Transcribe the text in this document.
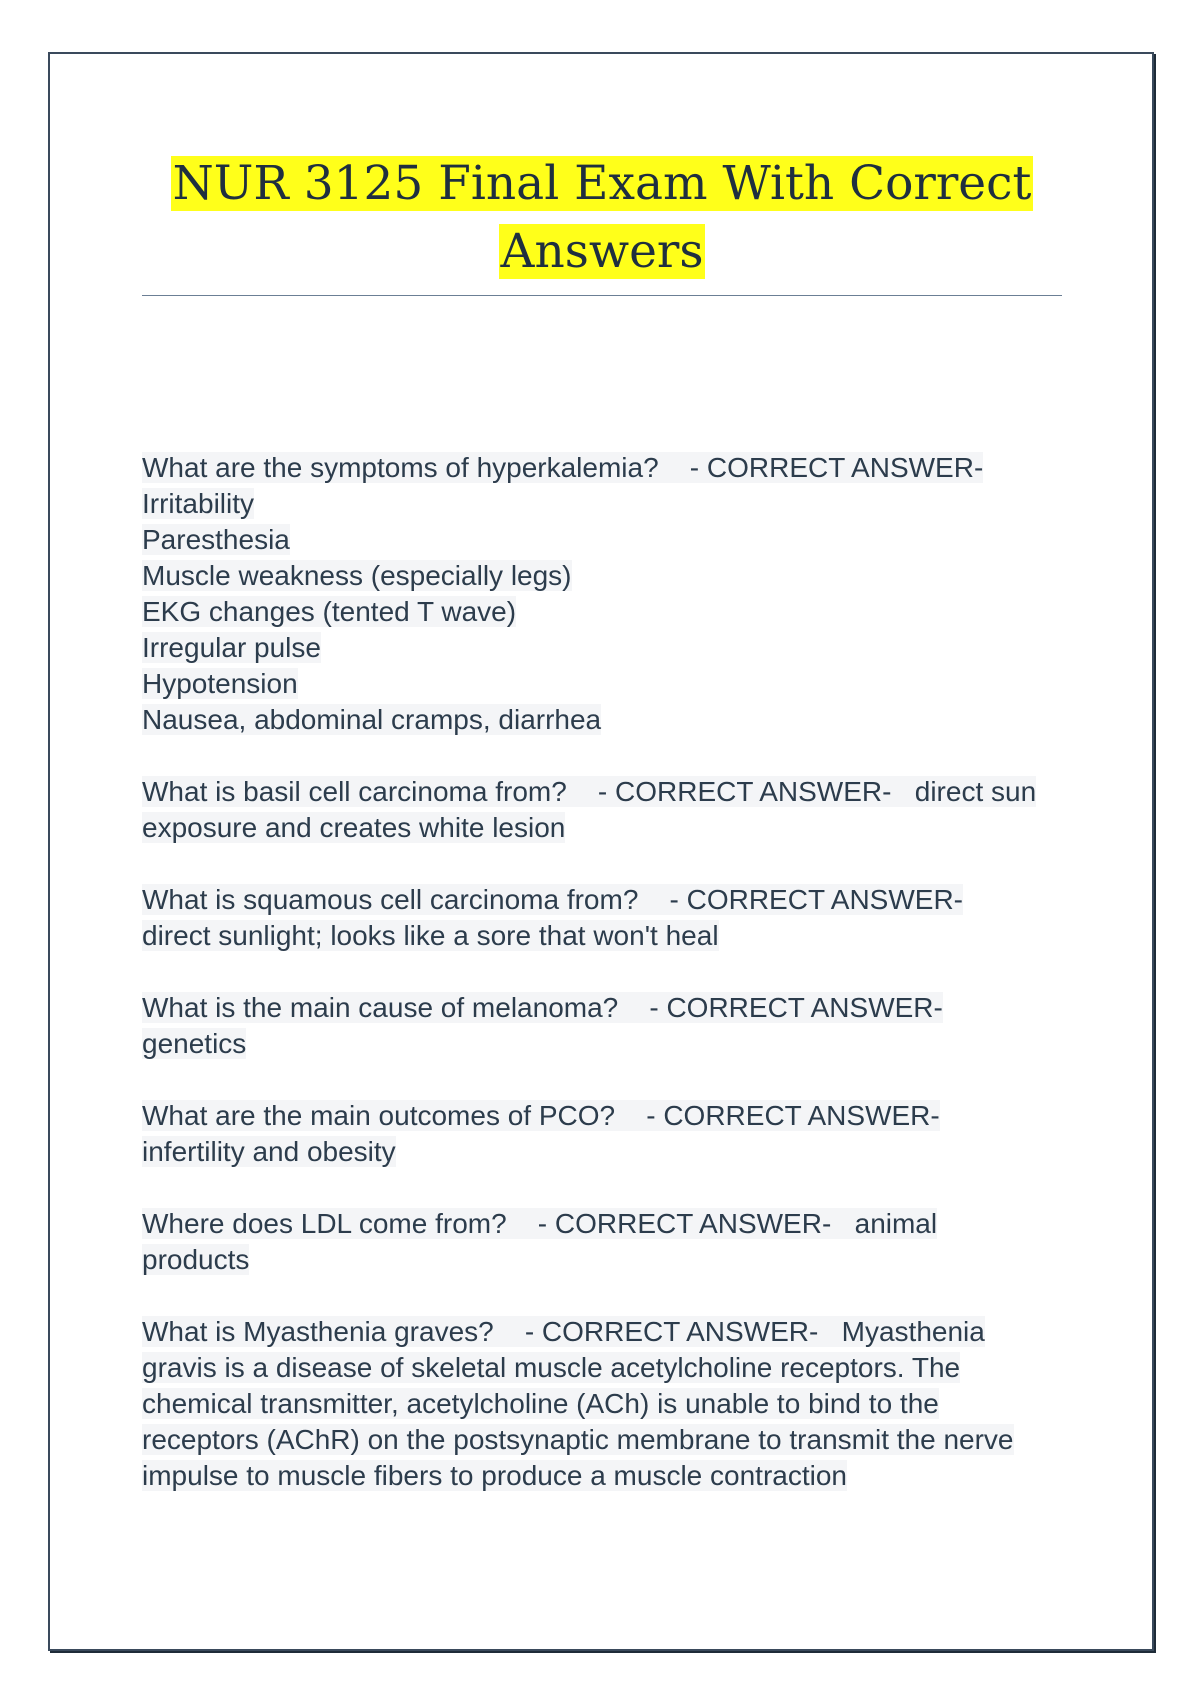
NUR 3125 Final Exam With Correct Answers

What are the symptoms of hyperkalemia?    - CORRECT ANSWER-
Irritability
Paresthesia
Muscle weakness (especially legs)
EKG changes (tented T wave)
Irregular pulse
Hypotension
Nausea, abdominal cramps, diarrhea

What is basil cell carcinoma from?    - CORRECT ANSWER-   direct sun
exposure and creates white lesion

What is squamous cell carcinoma from?    - CORRECT ANSWER-
direct sunlight; looks like a sore that won't heal

What is the main cause of melanoma?    - CORRECT ANSWER-
genetics

What are the main outcomes of PCO?    - CORRECT ANSWER-
infertility and obesity

Where does LDL come from?    - CORRECT ANSWER-   animal
products

What is Myasthenia graves?    - CORRECT ANSWER-   Myasthenia
gravis is a disease of skeletal muscle acetylcholine receptors. The
chemical transmitter, acetylcholine (ACh) is unable to bind to the
receptors (AChR) on the postsynaptic membrane to transmit the nerve
impulse to muscle fibers to produce a muscle contraction
